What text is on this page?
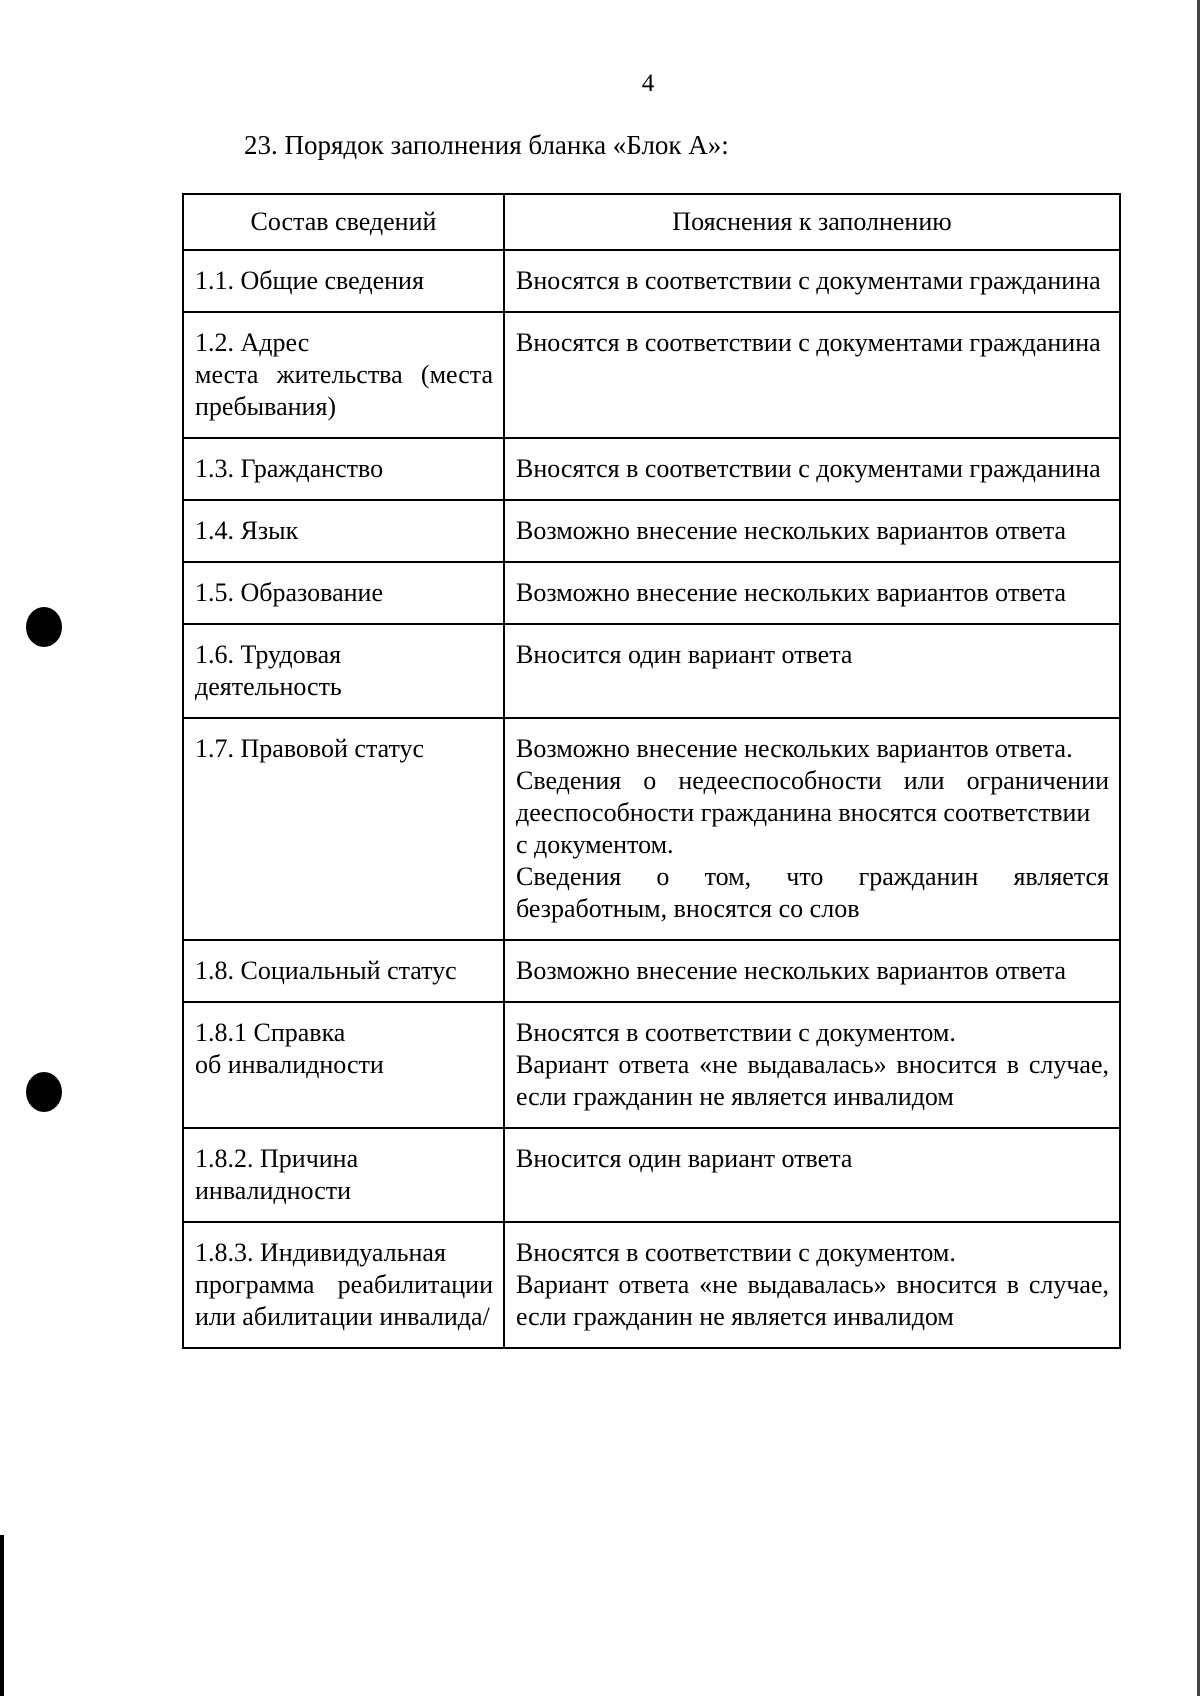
4
23. Порядок заполнения бланка «Блок А»:
Состав сведений	Пояснения к заполнению

1.1. Общие сведения	Вносятся в соответствии с документами гражданина

1.2. Адрес
места жительства (места пребывания)	Вносятся в соответствии с документами гражданина

1.3. Гражданство	Вносятся в соответствии с документами гражданина

1.4. Язык	Возможно внесение нескольких вариантов ответа

1.5. Образование	Возможно внесение нескольких вариантов ответа

1.6. Трудовая
деятельность	Вносится один вариант ответа

1.7. Правовой статус	Возможно внесение нескольких вариантов ответа.
Сведения о недееспособности или ограничении дееспособности гражданина вносятся соответствии
с документом.
Сведения о том, что гражданин является безработным, вносятся со слов

1.8. Социальный статус	Возможно внесение нескольких вариантов ответа

1.8.1 Справка
об инвалидности	Вносятся в соответствии с документом.
Вариант ответа «не выдавалась» вносится в случае, если гражданин не является инвалидом

1.8.2. Причина
инвалидности	Вносится один вариант ответа

1.8.3. Индивидуальная
программа реабилитации или абилитации инвалида/	Вносятся в соответствии с документом.
Вариант ответа «не выдавалась» вносится в случае, если гражданин не является инвалидом
